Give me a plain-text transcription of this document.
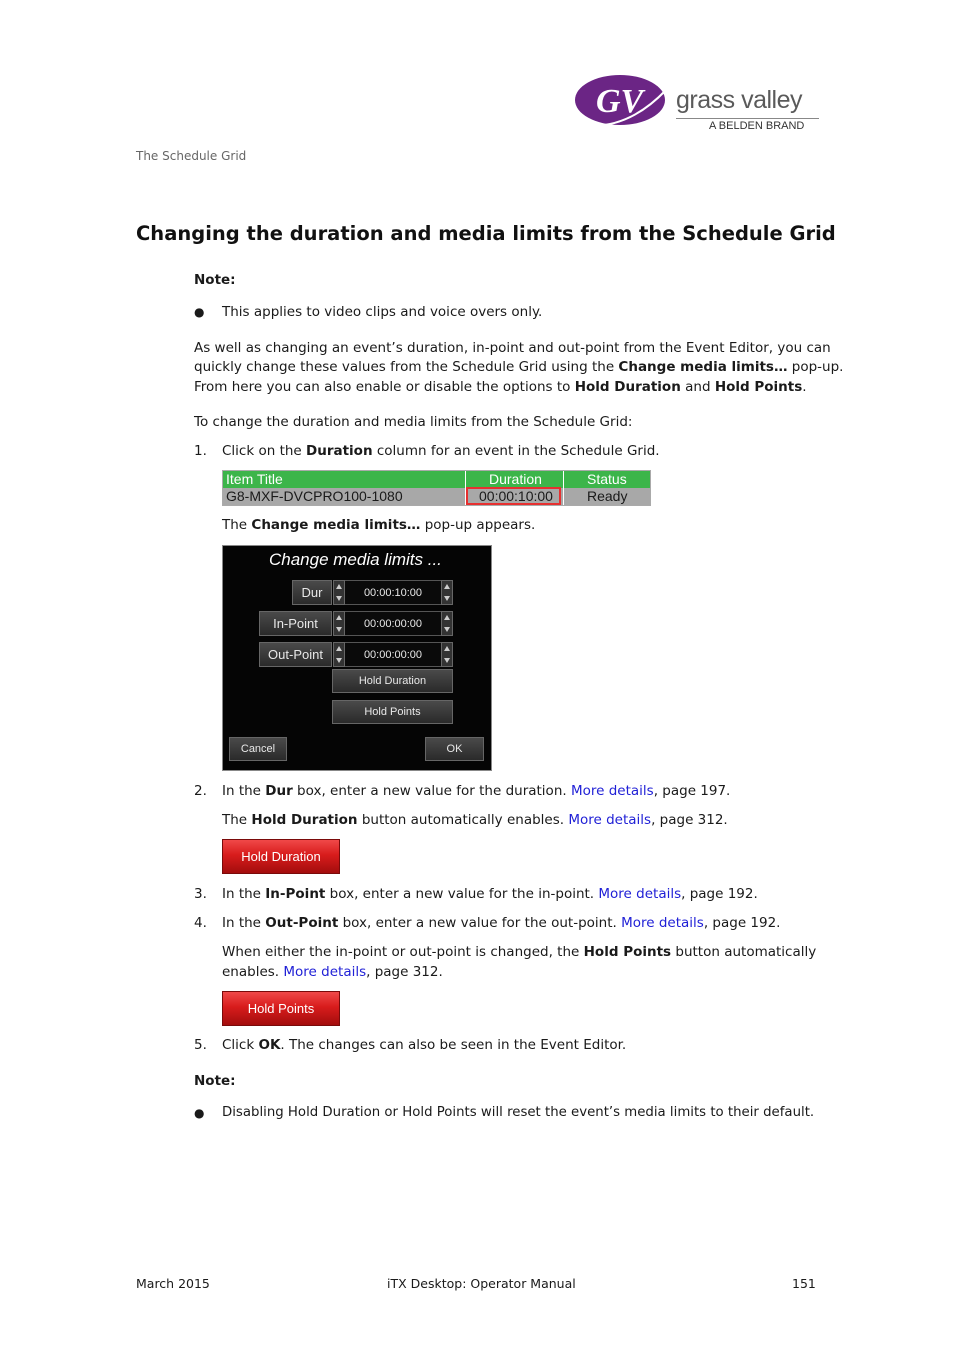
GV grass valley
A BELDEN BRAND
The Schedule Grid
Changing the duration and media limits from the Schedule Grid
Note:
● This applies to video clips and voice overs only.
As well as changing an event’s duration, in-point and out-point from the Event Editor, you can
quickly change these values from the Schedule Grid using the Change media limits… pop-up.
From here you can also enable or disable the options to Hold Duration and Hold Points.
To change the duration and media limits from the Schedule Grid:
1. Click on the Duration column for an event in the Schedule Grid.
Item Title	Duration	Status
G8-MXF-DVCPRO100-1080	00:00:10:00	Ready
The Change media limits… pop-up appears.
Change media limits ...
Dur	00:00:10:00
In-Point	00:00:00:00
Out-Point	00:00:00:00
Hold Duration
Hold Points
Cancel	OK
2. In the Dur box, enter a new value for the duration. More details, page 197.
The Hold Duration button automatically enables. More details, page 312.
Hold Duration
3. In the In-Point box, enter a new value for the in-point. More details, page 192.
4. In the Out-Point box, enter a new value for the out-point. More details, page 192.
When either the in-point or out-point is changed, the Hold Points button automatically
enables. More details, page 312.
Hold Points
5. Click OK. The changes can also be seen in the Event Editor.
Note:
● Disabling Hold Duration or Hold Points will reset the event’s media limits to their default.
March 2015	iTX Desktop: Operator Manual	151
